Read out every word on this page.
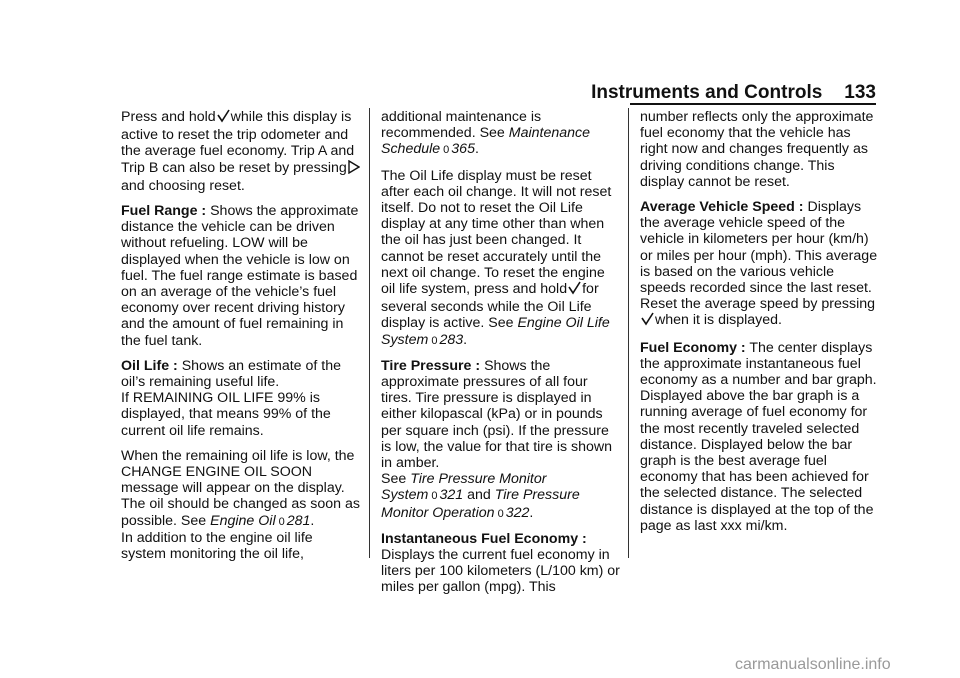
Instruments and Controls 133

Press and hold while this display is active to reset the trip odometer and the average fuel economy. Trip A and Trip B can also be reset by pressingand choosing reset.

Fuel Range : Shows the approximate distance the vehicle can be driven without refueling. LOW will be displayed when the vehicle is low on fuel. The fuel range estimate is based on an average of the vehicle’s fuel economy over recent driving history and the amount of fuel remaining in the fuel tank.

Oil Life : Shows an estimate of the oil’s remaining useful life.
If REMAINING OIL LIFE 99% is displayed, that means 99% of the current oil life remains.

When the remaining oil life is low, the CHANGE ENGINE OIL SOON message will appear on the display. The oil should be changed as soon as possible. See Engine Oil 0 281.
In addition to the engine oil life system monitoring the oil life,

additional maintenance is recommended. See Maintenance Schedule 0 365.

The Oil Life display must be reset after each oil change. It will not reset itself. Do not to reset the Oil Life display at any time other than when the oil has just been changed. It cannot be reset accurately until the next oil change. To reset the engine oil life system, press and hold for several seconds while the Oil Life display is active. See Engine Oil Life System 0 283.

Tire Pressure : Shows the approximate pressures of all four tires. Tire pressure is displayed in either kilopascal (kPa) or in pounds per square inch (psi). If the pressure is low, the value for that tire is shown in amber.
See Tire Pressure Monitor System 0 321 and Tire Pressure Monitor Operation 0 322.

Instantaneous Fuel Economy :
Displays the current fuel economy in liters per 100 kilometers (L/100 km) or miles per gallon (mpg). This

number reflects only the approximate fuel economy that the vehicle has right now and changes frequently as driving conditions change. This display cannot be reset.

Average Vehicle Speed : Displays the average vehicle speed of the vehicle in kilometers per hour (km/h) or miles per hour (mph). This average is based on the various vehicle speeds recorded since the last reset. Reset the average speed by pressingwhen it is displayed.

Fuel Economy : The center displays the approximate instantaneous fuel economy as a number and bar graph. Displayed above the bar graph is a running average of fuel economy for the most recently traveled selected distance. Displayed below the bar graph is the best average fuel economy that has been achieved for the selected distance. The selected distance is displayed at the top of the page as last xxx mi/km.

carmanualsonline.info
